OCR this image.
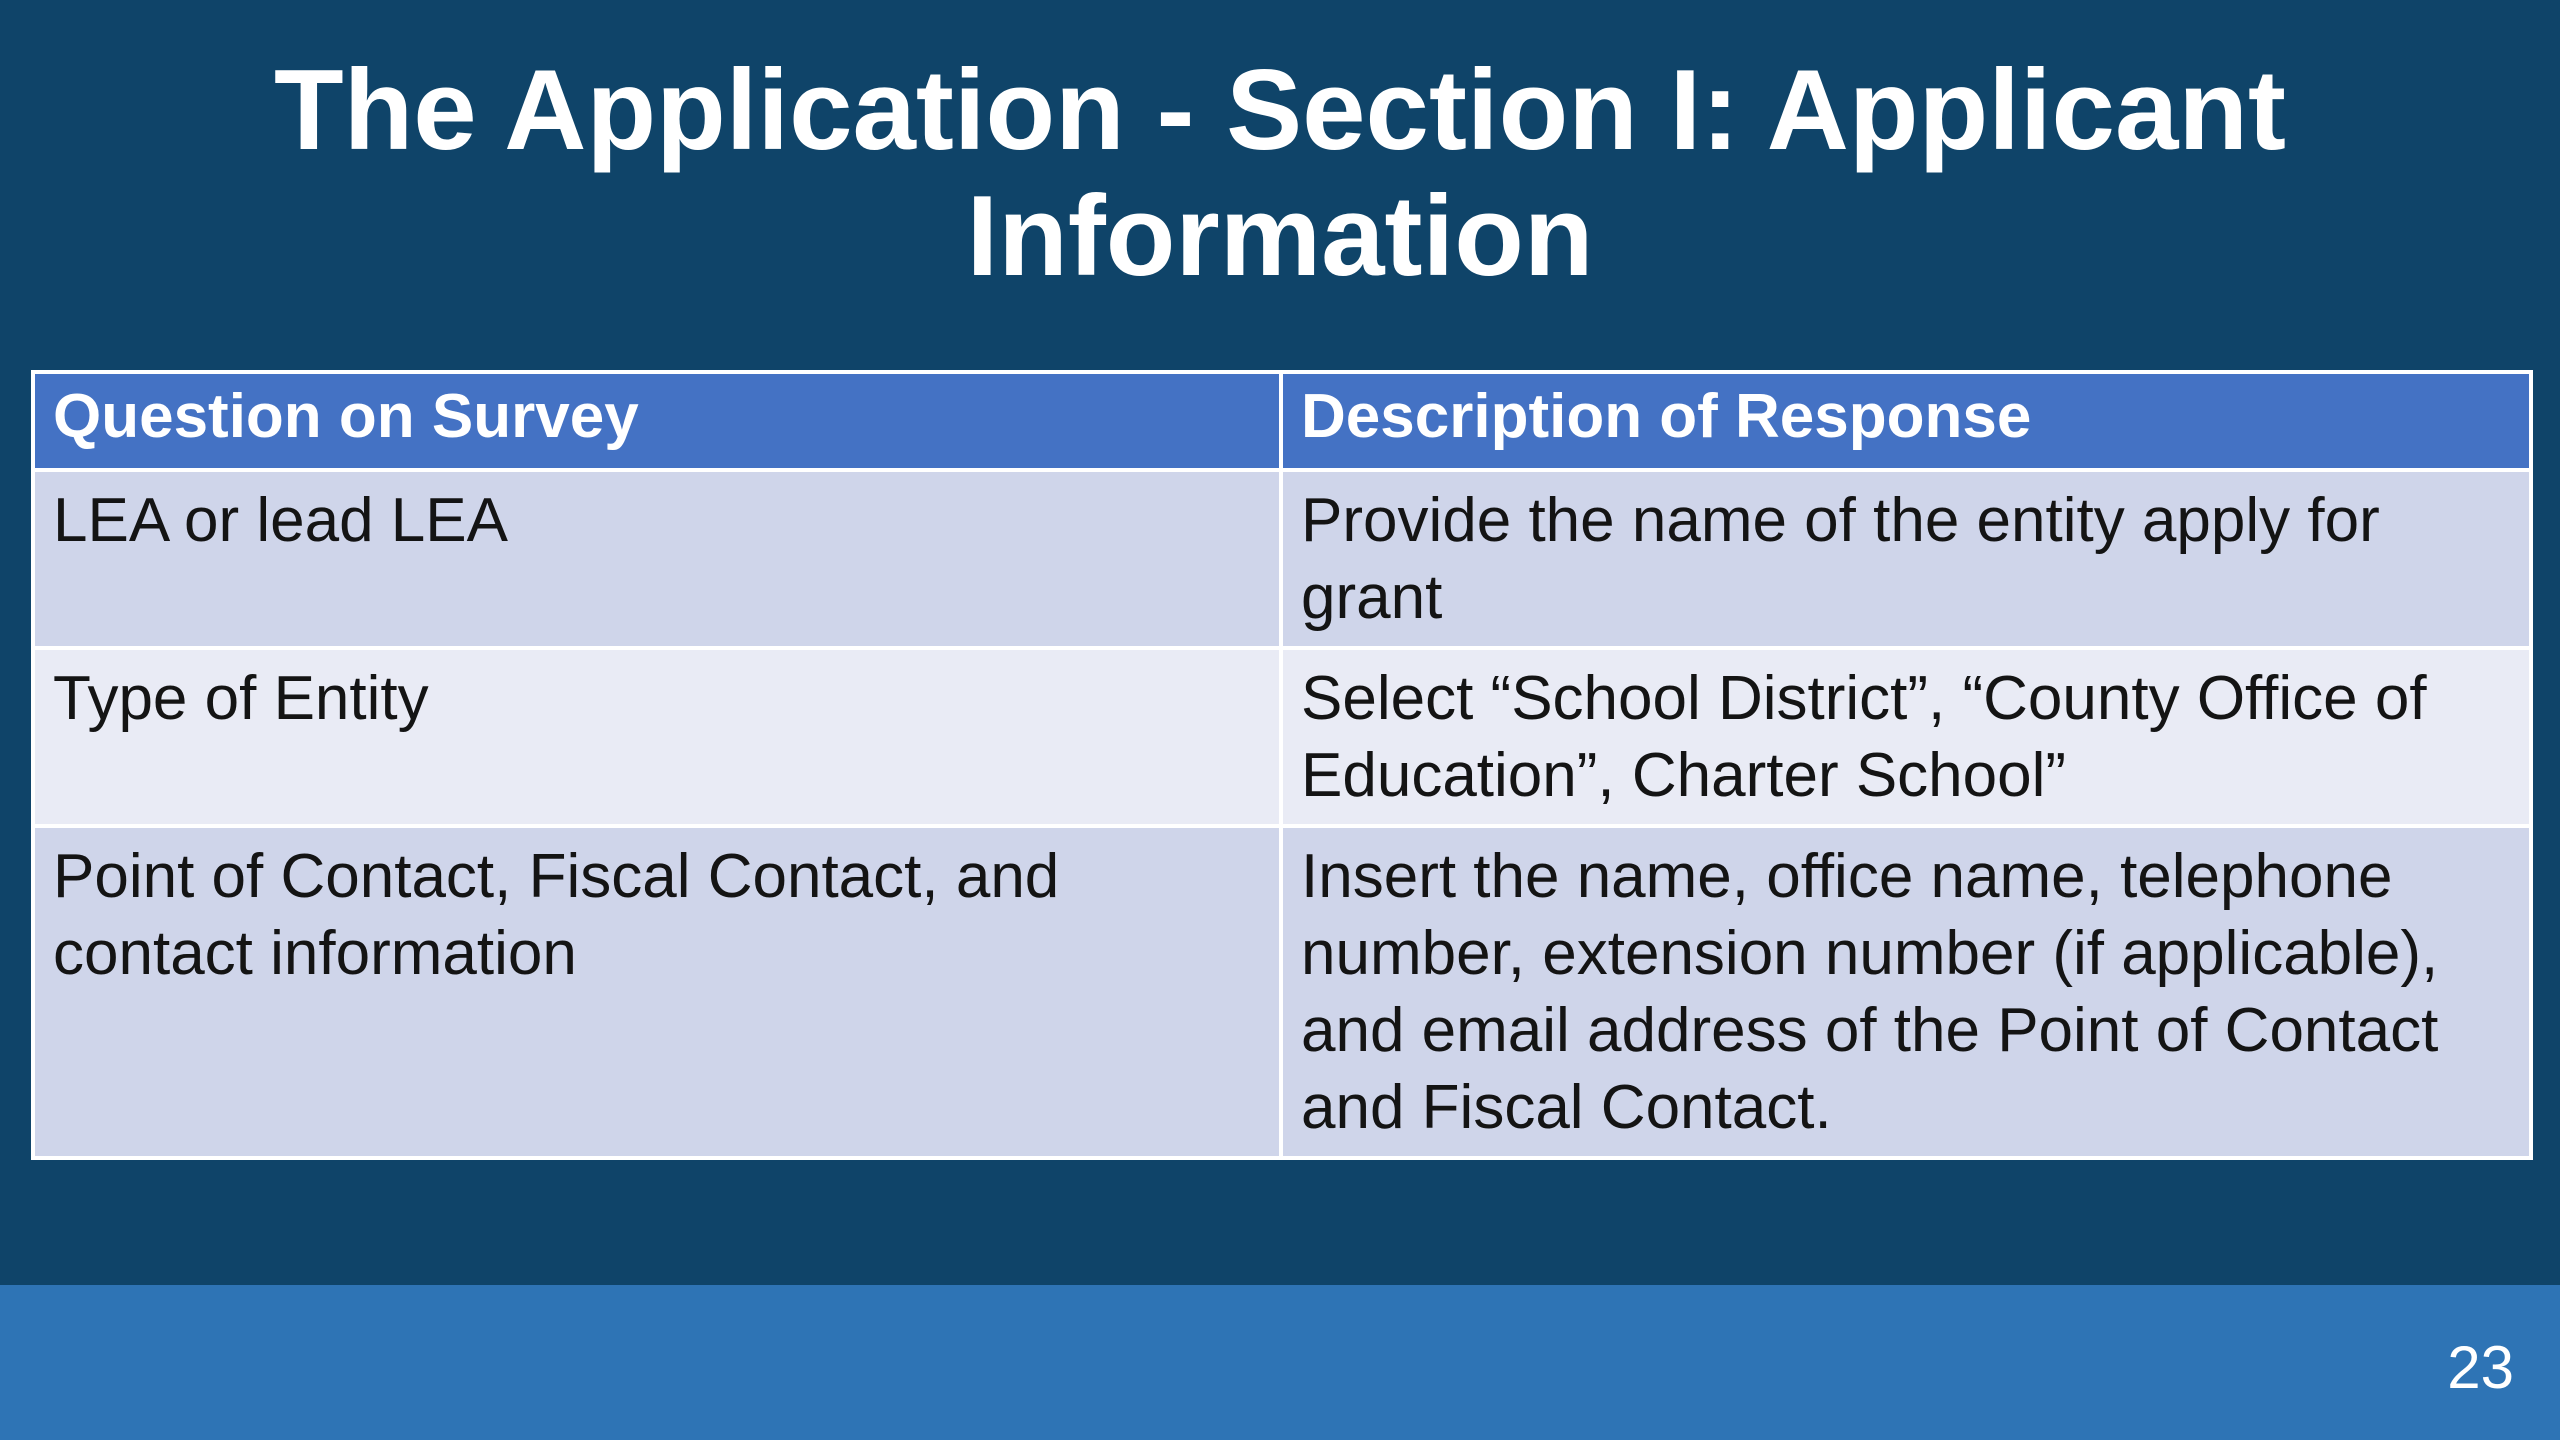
The Application - Section I: Applicant Information
Question on Survey	Description of Response
LEA or lead LEA	Provide the name of the entity apply for grant
Type of Entity	Select “School District”, “County Office of Education”, Charter School”
Point of Contact, Fiscal Contact, and contact information	Insert the name, office name, telephone number, extension number (if applicable), and email address of the Point of Contact and Fiscal Contact.
23
